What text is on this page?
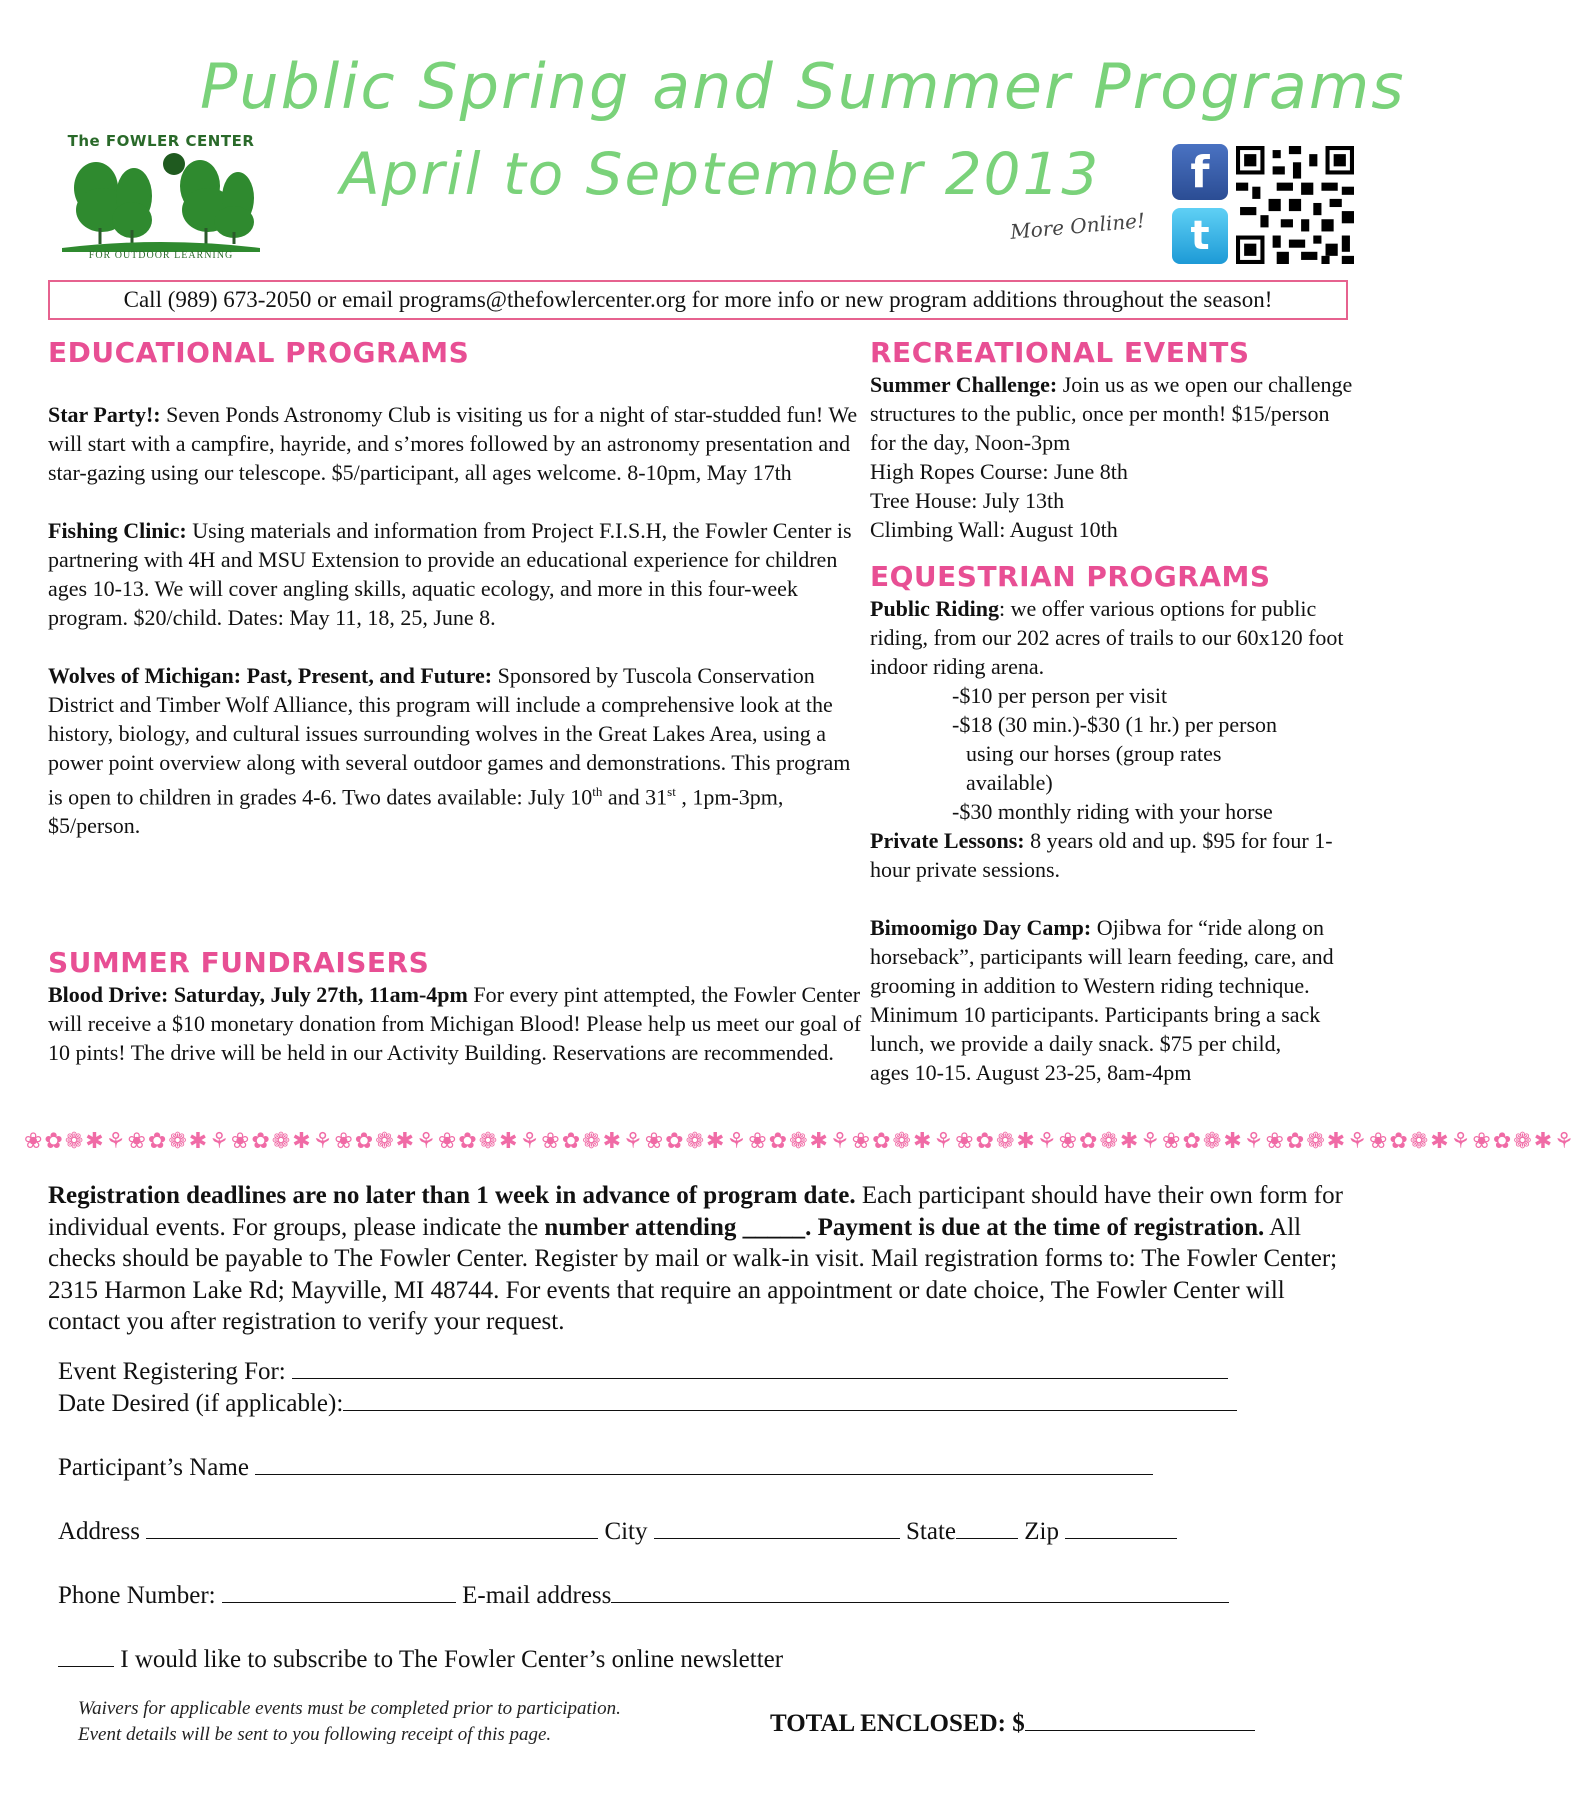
Public Spring and Summer Programs
April to September 2013
More Online!
The FOWLER CENTER
FOR OUTDOOR LEARNING
f
t
Call (989) 673-2050 or email programs@thefowlercenter.org for more info or new program additions throughout the season!
EDUCATIONAL PROGRAMS

Star Party!: Seven Ponds Astronomy Club is visiting us for a night of star-studded fun! We will start with a campfire, hayride, and s’mores followed by an astronomy presentation and star-gazing using our telescope. $5/participant, all ages welcome. 8-10pm, May 17th

Fishing Clinic: Using materials and information from Project F.I.S.H, the Fowler Center is partnering with 4H and MSU Extension to provide an educational experience for children ages 10-13. We will cover angling skills, aquatic ecology, and more in this four-week program. $20/child. Dates: May 11, 18, 25, June 8.

Wolves of Michigan: Past, Present, and Future: Sponsored by Tuscola Conservation District and Timber Wolf Alliance, this program will include a comprehensive look at the history, biology, and cultural issues surrounding wolves in the Great Lakes Area, using a power point overview along with several outdoor games and demonstrations. This program is open to children in grades 4-6. Two dates available: July 10th and 31st , 1pm-3pm, $5/person.

SUMMER FUNDRAISERS

Blood Drive: Saturday, July 27th, 11am-4pm For every pint attempted, the Fowler Center will receive a $10 monetary donation from Michigan Blood! Please help us meet our goal of 10 pints! The drive will be held in our Activity Building. Reservations are recommended.

RECREATIONAL EVENTS

Summer Challenge: Join us as we open our challenge structures to the public, once per month! $15/person for the day, Noon-3pm

High Ropes Course: June 8th

Tree House: July 13th

Climbing Wall: August 10th

EQUESTRIAN PROGRAMS

Public Riding: we offer various options for public riding, from our 202 acres of trails to our 60x120 foot indoor riding arena.

-$10 per person per visit

-$18 (30 min.)-$30 (1 hr.) per person

using our horses (group rates

available)

-$30 monthly riding with your horse

Private Lessons: 8 years old and up. $95 for four 1-hour private sessions.

Bimoomigo Day Camp: Ojibwa for “ride along on horseback”, participants will learn feeding, care, and grooming in addition to Western riding technique. Minimum 10 participants. Participants bring a sack lunch, we provide a daily snack. $75 per child,

ages 10-15. August 23-25, 8am-4pm

❀✿❁✱⚘❀✿❁✱⚘❀✿❁✱⚘❀✿❁✱⚘❀✿❁✱⚘❀✿❁✱⚘❀✿❁✱⚘❀✿❁✱⚘❀✿❁✱⚘❀✿❁✱⚘❀✿❁✱⚘❀✿❁✱⚘❀✿❁✱⚘❀✿❁✱⚘❀✿❁✱⚘
Registration deadlines are no later than 1 week in advance of program date. Each participant should have their own form for individual events. For groups, please indicate the number attending _____. Payment is due at the time of registration. All checks should be payable to The Fowler Center. Register by mail or walk-in visit. Mail registration forms to: The Fowler Center; 2315 Harmon Lake Rd; Mayville, MI 48744. For events that require an appointment or date choice, The Fowler Center will contact you after registration to verify your request.
Event Registering For:
Date Desired (if applicable):
Participant’s Name
Address	City	State	Zip
Phone Number:	E-mail address
I would like to subscribe to The Fowler Center’s online newsletter
Waivers for applicable events must be completed prior to participation.
Event details will be sent to you following receipt of this page.	TOTAL ENCLOSED: $
